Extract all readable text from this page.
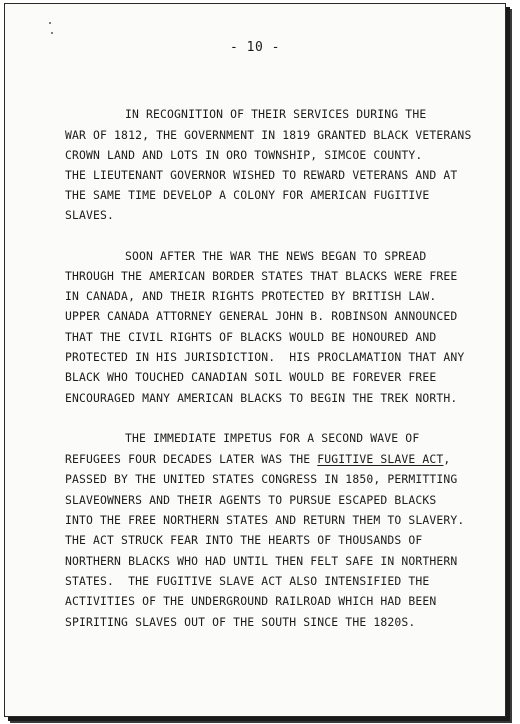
- 10 -
IN RECOGNITION OF THEIR SERVICES DURING THE
WAR OF 1812, THE GOVERNMENT IN 1819 GRANTED BLACK VETERANS
CROWN LAND AND LOTS IN ORO TOWNSHIP, SIMCOE COUNTY.
THE LIEUTENANT GOVERNOR WISHED TO REWARD VETERANS AND AT
THE SAME TIME DEVELOP A COLONY FOR AMERICAN FUGITIVE
SLAVES.
SOON AFTER THE WAR THE NEWS BEGAN TO SPREAD
THROUGH THE AMERICAN BORDER STATES THAT BLACKS WERE FREE
IN CANADA, AND THEIR RIGHTS PROTECTED BY BRITISH LAW.
UPPER CANADA ATTORNEY GENERAL JOHN B. ROBINSON ANNOUNCED
THAT THE CIVIL RIGHTS OF BLACKS WOULD BE HONOURED AND
PROTECTED IN HIS JURISDICTION.  HIS PROCLAMATION THAT ANY
BLACK WHO TOUCHED CANADIAN SOIL WOULD BE FOREVER FREE
ENCOURAGED MANY AMERICAN BLACKS TO BEGIN THE TREK NORTH.
THE IMMEDIATE IMPETUS FOR A SECOND WAVE OF
REFUGEES FOUR DECADES LATER WAS THE FUGITIVE SLAVE ACT,
PASSED BY THE UNITED STATES CONGRESS IN 1850, PERMITTING
SLAVEOWNERS AND THEIR AGENTS TO PURSUE ESCAPED BLACKS
INTO THE FREE NORTHERN STATES AND RETURN THEM TO SLAVERY.
THE ACT STRUCK FEAR INTO THE HEARTS OF THOUSANDS OF
NORTHERN BLACKS WHO HAD UNTIL THEN FELT SAFE IN NORTHERN
STATES.  THE FUGITIVE SLAVE ACT ALSO INTENSIFIED THE
ACTIVITIES OF THE UNDERGROUND RAILROAD WHICH HAD BEEN
SPIRITING SLAVES OUT OF THE SOUTH SINCE THE 1820S.
